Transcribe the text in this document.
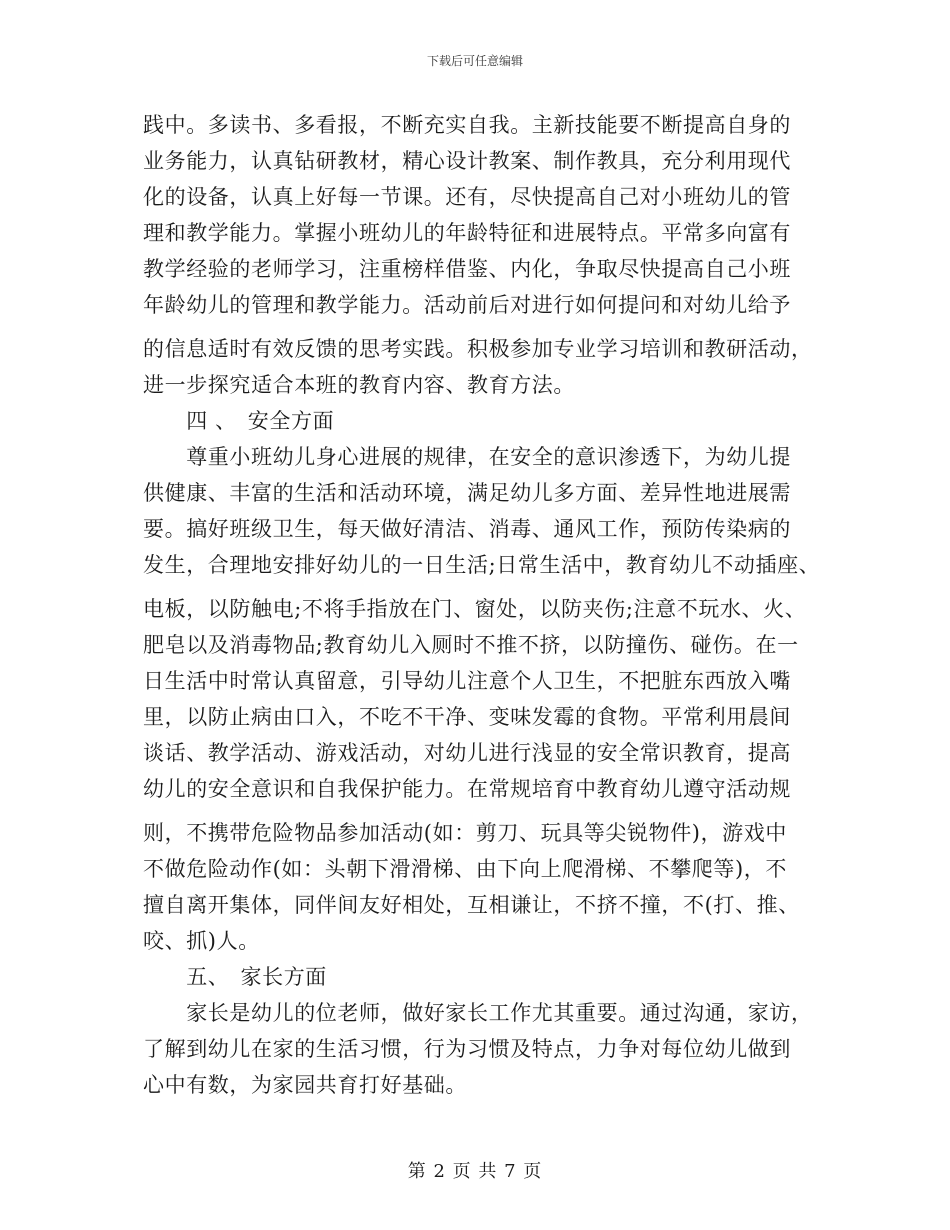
下载后可任意编辑
践中。多读书、多看报，不断充实自我。主新技能要不断提高自身的
业务能力，认真钻研教材，精心设计教案、制作教具，充分利用现代
化的设备，认真上好每一节课。还有，尽快提高自己对小班幼儿的管
理和教学能力。掌握小班幼儿的年龄特征和进展特点。平常多向富有
教学经验的老师学习，注重榜样借鉴、内化，争取尽快提高自己小班
年龄幼儿的管理和教学能力。活动前后对进行如何提问和对幼儿给予
的信息适时有效反馈的思考实践。积极参加专业学习培训和教研活动，
进一步探究适合本班的教育内容、教育方法。
　　四 、　安全方面
　　尊重小班幼儿身心进展的规律，在安全的意识渗透下，为幼儿提
供健康、丰富的生活和活动环境，满足幼儿多方面、差异性地进展需
要。搞好班级卫生，每天做好清洁、消毒、通风工作，预防传染病的
发生，合理地安排好幼儿的一日生活;日常生活中，教育幼儿不动插座、
电板，以防触电;不将手指放在门、窗处，以防夹伤;注意不玩水、火、
肥皂以及消毒物品;教育幼儿入厕时不推不挤，以防撞伤、碰伤。在一
日生活中时常认真留意，引导幼儿注意个人卫生，不把脏东西放入嘴
里，以防止病由口入，不吃不干净、变味发霉的食物。平常利用晨间
谈话、教学活动、游戏活动，对幼儿进行浅显的安全常识教育，提高
幼儿的安全意识和自我保护能力。在常规培育中教育幼儿遵守活动规
则，不携带危险物品参加活动(如：剪刀、玩具等尖锐物件)，游戏中
不做危险动作(如：头朝下滑滑梯、由下向上爬滑梯、不攀爬等)，不
擅自离开集体，同伴间友好相处，互相谦让，不挤不撞，不(打、推、
咬、抓)人。
　　五、　家长方面
　　家长是幼儿的位老师，做好家长工作尤其重要。通过沟通，家访，
了解到幼儿在家的生活习惯，行为习惯及特点，力争对每位幼儿做到
心中有数，为家园共育打好基础。
第 2 页 共 7 页
